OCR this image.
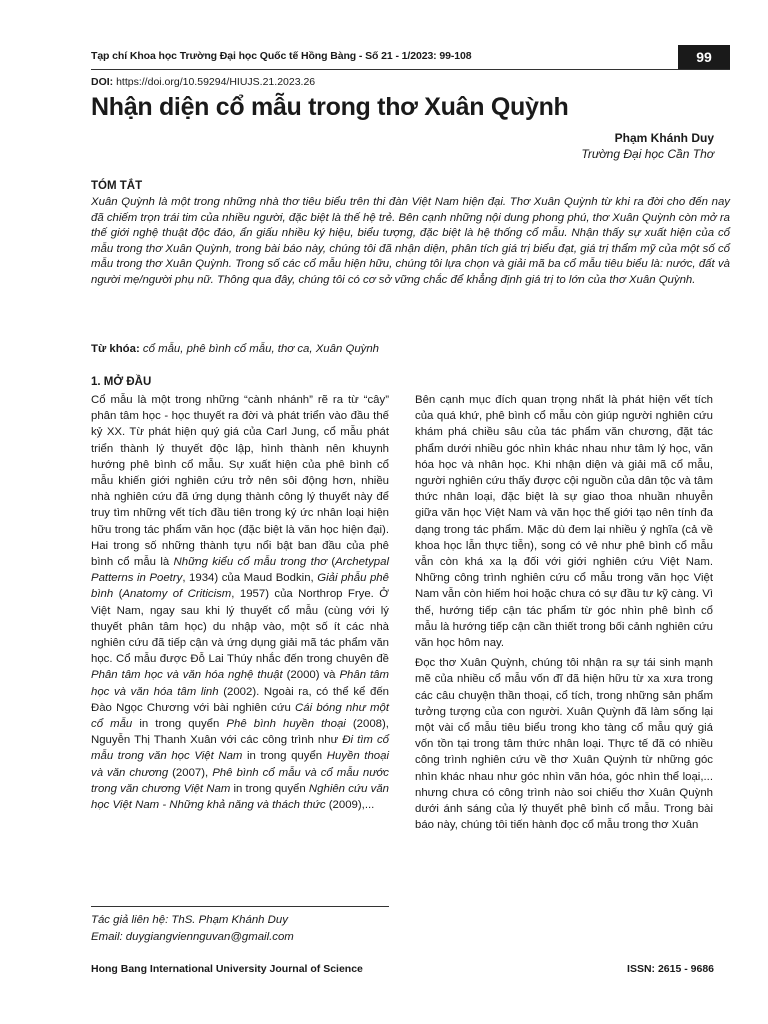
Tạp chí Khoa học Trường Đại học Quốc tế Hồng Bàng - Số 21 - 1/2023: 99-108	99
DOI: https://doi.org/10.59294/HIUJS.21.2023.26
Nhận diện cổ mẫu trong thơ Xuân Quỳnh
Phạm Khánh Duy
Trường Đại học Cần Thơ
TÓM TẮT

Xuân Quỳnh là một trong những nhà thơ tiêu biểu trên thi đàn Việt Nam hiện đại. Thơ Xuân Quỳnh từ khi ra đời cho đến nay đã chiếm trọn trái tim của nhiều người, đặc biệt là thế hệ trẻ. Bên cạnh những nội dung phong phú, thơ Xuân Quỳnh còn mở ra thế giới nghệ thuật độc đáo, ẩn giấu nhiều ký hiệu, biểu tượng, đặc biệt là hệ thống cổ mẫu. Nhận thấy sự xuất hiện của cổ mẫu trong thơ Xuân Quỳnh, trong bài báo này, chúng tôi đã nhận diện, phân tích giá trị biểu đạt, giá trị thẩm mỹ của một số cổ mẫu trong thơ Xuân Quỳnh. Trong số các cổ mẫu hiện hữu, chúng tôi lựa chọn và giải mã ba cổ mẫu tiêu biểu là: nước, đất và người mẹ/người phụ nữ. Thông qua đây, chúng tôi có cơ sở vững chắc để khẳng định giá trị to lớn của thơ Xuân Quỳnh.

Từ khóa: cổ mẫu, phê bình cổ mẫu, thơ ca, Xuân Quỳnh
1. MỞ ĐẦU

Cổ mẫu là một trong những “cành nhánh” rẽ ra từ “cây” phân tâm học - học thuyết ra đời và phát triển vào đầu thế kỷ XX. Từ phát hiện quý giá của Carl Jung, cổ mẫu phát triển thành lý thuyết độc lập, hình thành nên khuynh hướng phê bình cổ mẫu. Sự xuất hiện của phê bình cổ mẫu khiến giới nghiên cứu trở nên sôi động hơn, nhiều nhà nghiên cứu đã ứng dụng thành công lý thuyết này để truy tìm những vết tích đầu tiên trong ký ức nhân loại hiện hữu trong tác phẩm văn học (đặc biệt là văn học hiện đại). Hai trong số những thành tựu nổi bật ban đầu của phê bình cổ mẫu là Những kiểu cổ mẫu trong thơ (Archetypal Patterns in Poetry, 1934) của Maud Bodkin, Giải phẫu phê bình (Anatomy of Criticism, 1957) của Northrop Frye. Ở Việt Nam, ngay sau khi lý thuyết cổ mẫu (cùng với lý thuyết phân tâm học) du nhập vào, một số ít các nhà nghiên cứu đã tiếp cận và ứng dụng giải mã tác phẩm văn học. Cổ mẫu được Đỗ Lai Thúy nhắc đến trong chuyên đề Phân tâm học và văn hóa nghệ thuật (2000) và Phân tâm học và văn hóa tâm linh (2002). Ngoài ra, có thể kể đến Đào Ngọc Chương với bài nghiên cứu Cái bóng như một cổ mẫu in trong quyển Phê bình huyền thoại (2008), Nguyễn Thị Thanh Xuân với các công trình như Đi tìm cổ mẫu trong văn học Việt Nam in trong quyển Huyền thoại và văn chương (2007), Phê bình cổ mẫu và cổ mẫu nước trong văn chương Việt Nam in trong quyển Nghiên cứu văn học Việt Nam - Những khả năng và thách thức (2009),...

Bên cạnh mục đích quan trọng nhất là phát hiện vết tích của quá khứ, phê bình cổ mẫu còn giúp người nghiên cứu khám phá chiều sâu của tác phẩm văn chương, đặt tác phẩm dưới nhiều góc nhìn khác nhau như tâm lý học, văn hóa học và nhân học. Khi nhận diện và giải mã cổ mẫu, người nghiên cứu thấy được cội nguồn của dân tộc và tâm thức nhân loại, đặc biệt là sự giao thoa nhuần nhuyễn giữa văn học Việt Nam và văn học thế giới tạo nên tính đa dạng trong tác phẩm. Mặc dù đem lại nhiều ý nghĩa (cả về khoa học lẫn thực tiễn), song có vẻ như phê bình cổ mẫu vẫn còn khá xa lạ đối với giới nghiên cứu Việt Nam. Những công trình nghiên cứu cổ mẫu trong văn học Việt Nam vẫn còn hiếm hoi hoặc chưa có sự đầu tư kỹ càng. Vì thế, hướng tiếp cận tác phẩm từ góc nhìn phê bình cổ mẫu là hướng tiếp cận cần thiết trong bối cảnh nghiên cứu văn học hôm nay.

Đọc thơ Xuân Quỳnh, chúng tôi nhận ra sự tái sinh mạnh mẽ của nhiều cổ mẫu vốn đĩ đã hiện hữu từ xa xưa trong các câu chuyện thần thoại, cổ tích, trong những sản phẩm tưởng tượng của con người. Xuân Quỳnh đã làm sống lại một vài cổ mẫu tiêu biểu trong kho tàng cổ mẫu quý giá vốn tồn tại trong tâm thức nhân loại. Thực tế đã có nhiều công trình nghiên cứu về thơ Xuân Quỳnh từ những góc nhìn khác nhau như góc nhìn văn hóa, góc nhìn thể loại,... nhưng chưa có công trình nào soi chiếu thơ Xuân Quỳnh dưới ánh sáng của lý thuyết phê bình cổ mẫu. Trong bài báo này, chúng tôi tiến hành đọc cổ mẫu trong thơ Xuân

Tác giả liên hệ: ThS. Phạm Khánh Duy
Email: duygiangviennguvan@gmail.com
Hong Bang International University Journal of Science	ISSN: 2615 - 9686
